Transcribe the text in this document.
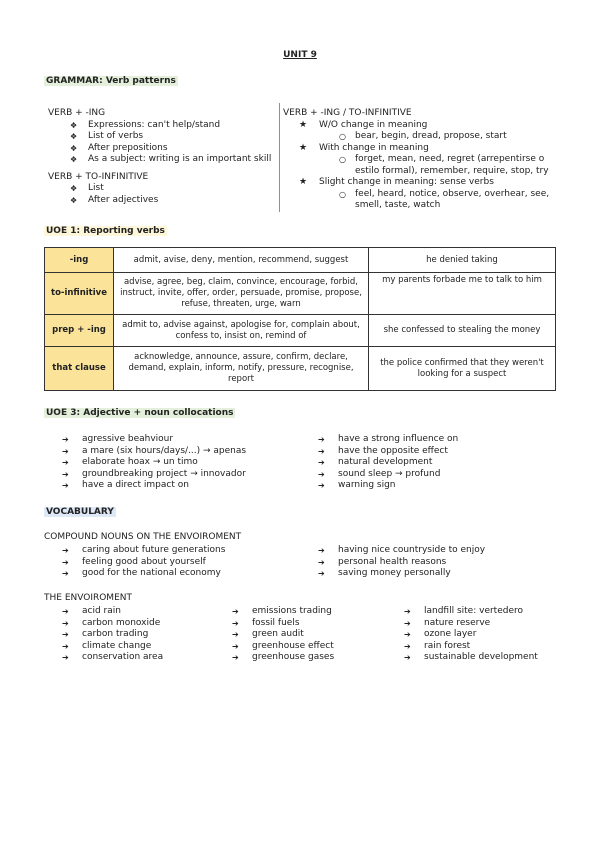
UNIT 9
GRAMMAR: Verb patterns
VERB + -ING
❖ Expressions: can't help/stand
❖ List of verbs
❖ After prepositions
❖ As a subject: writing is an important skill
VERB + TO-INFINITIVE
❖ List
❖ After adjectives
VERB + -ING / TO-INFINITIVE
★ W/O change in meaning
○ bear, begin, dread, propose, start
★ With change in meaning
○ forget, mean, need, regret (arrepentirse o estilo formal), remember, require, stop, try
★ Slight change in meaning: sense verbs
○ feel, heard, notice, observe, overhear, see, smell, taste, watch
UOE 1: Reporting verbs
-ing	admit, avise, deny, mention, recommend, suggest	he denied taking
to-infinitive	advise, agree, beg, claim, convince, encourage, forbid, instruct, invite, offer, order, persuade, promise, propose, refuse, threaten, urge, warn	my parents forbade me to talk to him
prep + -ing	admit to, advise against, apologise for, complain about, confess to, insist on, remind of	she confessed to stealing the money
that clause	acknowledge, announce, assure, confirm, declare, demand, explain, inform, notify, pressure, recognise, report	the police confirmed that they weren't looking for a suspect
UOE 3: Adjective + noun collocations
➔ agressive beahviour
➔ a mare (six hours/days/...) → apenas
➔ elaborate hoax → un timo
➔ groundbreaking project → innovador
➔ have a direct impact on
➔ have a strong influence on
➔ have the opposite effect
➔ natural development
➔ sound sleep → profund
➔ warning sign
VOCABULARY
COMPOUND NOUNS ON THE ENVOIROMENT
➔ caring about future generations
➔ feeling good about yourself
➔ good for the national economy
➔ having nice countryside to enjoy
➔ personal health reasons
➔ saving money personally
THE ENVOIROMENT
➔ acid rain
➔ carbon monoxide
➔ carbon trading
➔ climate change
➔ conservation area
➔ emissions trading
➔ fossil fuels
➔ green audit
➔ greenhouse effect
➔ greenhouse gases
➔ landfill site: vertedero
➔ nature reserve
➔ ozone layer
➔ rain forest
➔ sustainable development
